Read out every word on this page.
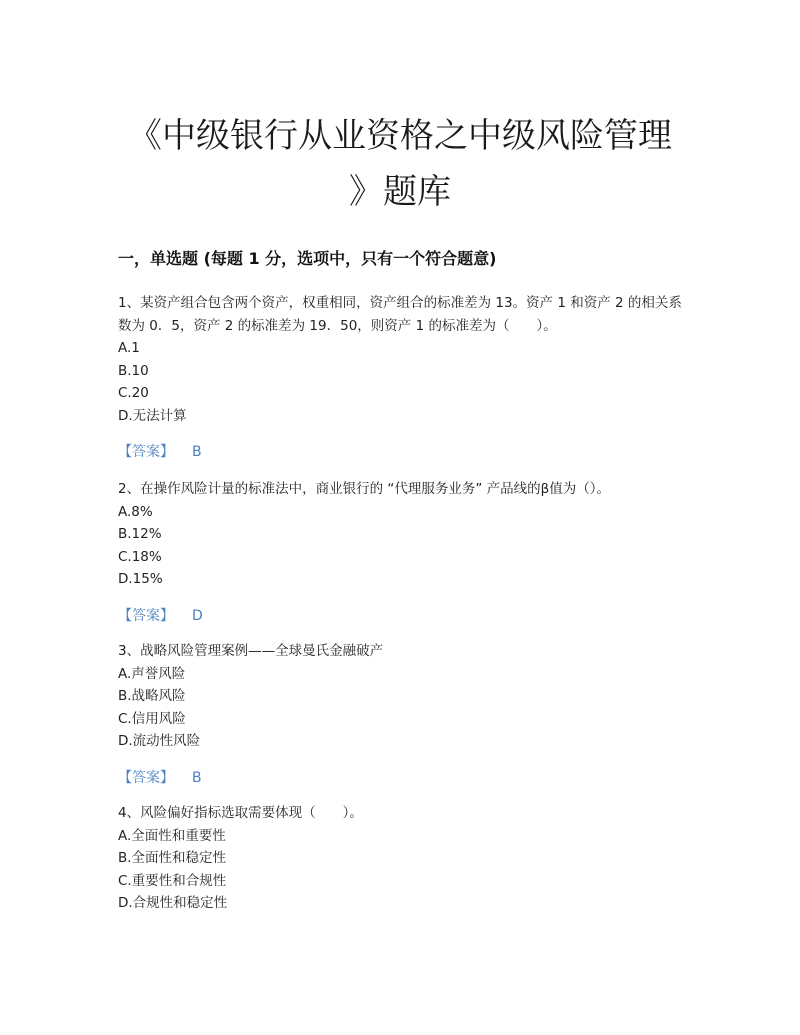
《中级银行从业资格之中级风险管理
》题库
一，单选题 (每题 1 分，选项中，只有一个符合题意)

1、某资产组合包含两个资产，权重相同，资产组合的标准差为 13。资产 1 和资产 2 的相关系数为 0．5，资产 2 的标准差为 19．50，则资产 1 的标准差为（　　）。

A.1

B.10

C.20

D.无法计算

【答案】 B

2、在操作风险计量的标准法中，商业银行的 “代理服务业务” 产品线的β值为（）。

A.8%

B.12%

C.18%

D.15%

【答案】 D

3、战略风险管理案例——全球曼氏金融破产

A.声誉风险

B.战略风险

C.信用风险

D.流动性风险

【答案】 B

4、风险偏好指标选取需要体现（　　）。

A.全面性和重要性

B.全面性和稳定性

C.重要性和合规性

D.合规性和稳定性
